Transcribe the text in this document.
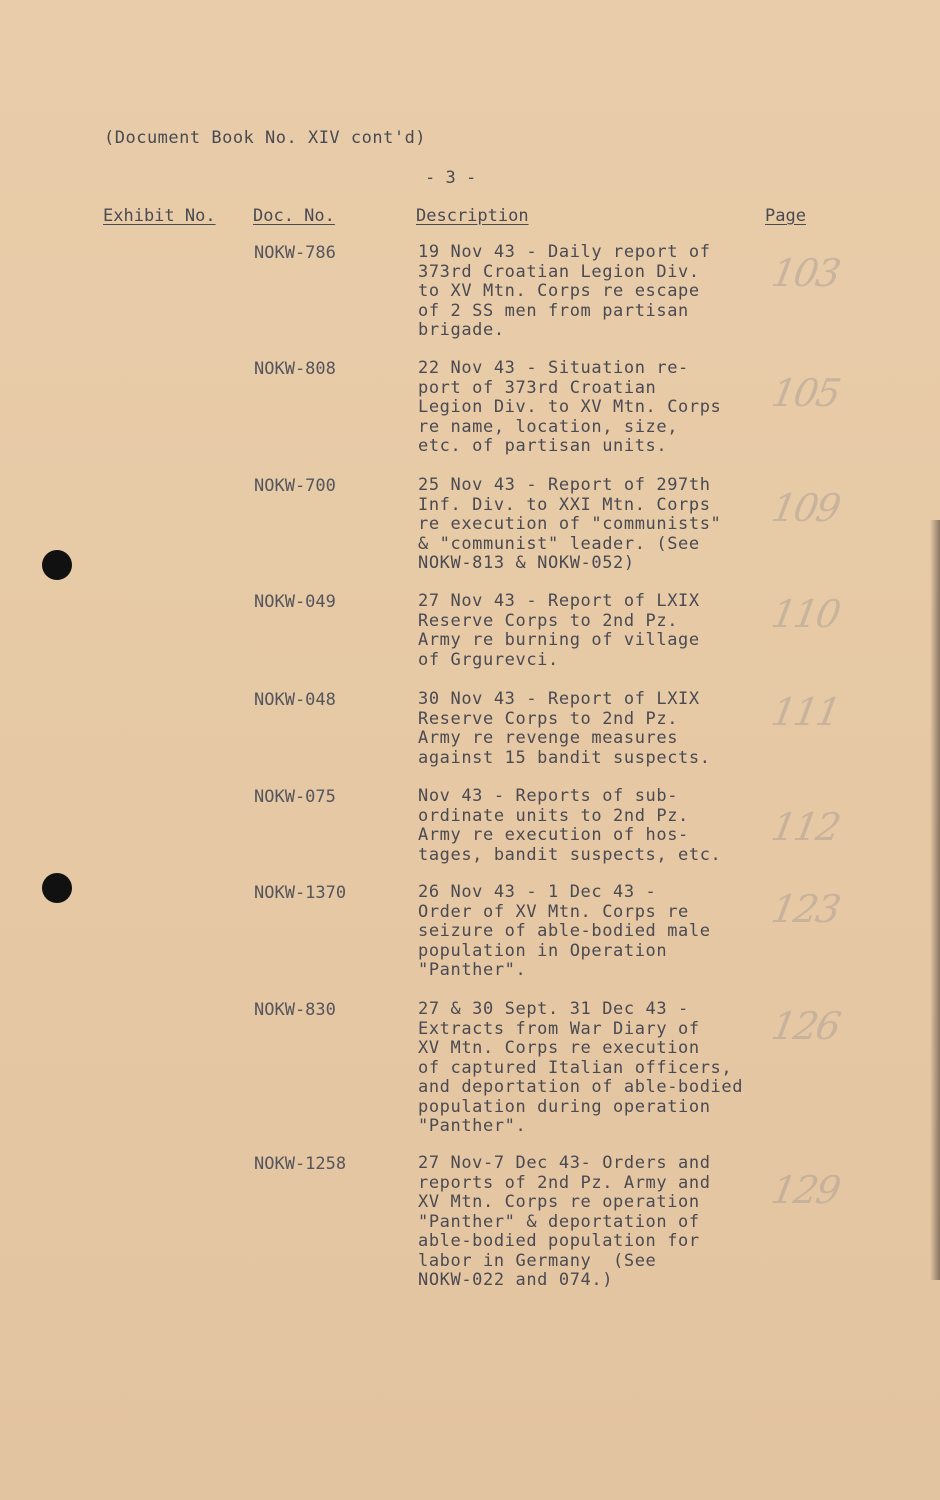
(Document Book No. XIV cont'd)
- 3 -
Exhibit No. Doc. No.	Description	Page
NOKW-786	19 Nov 43 - Daily report of
373rd Croatian Legion Div.
to XV Mtn. Corps re escape
of 2 SS men from partisan
brigade.
103
NOKW-808	22 Nov 43 - Situation re-
port of 373rd Croatian
Legion Div. to XV Mtn. Corps
re name, location, size,
etc. of partisan units.
105
NOKW-700	25 Nov 43 - Report of 297th
Inf. Div. to XXI Mtn. Corps
re execution of "communists"
& "communist" leader. (See
NOKW-813 & NOKW-052)
109
NOKW-049	27 Nov 43 - Report of LXIX
Reserve Corps to 2nd Pz.
Army re burning of village
of Grgurevci.
110
NOKW-048	30 Nov 43 - Report of LXIX
Reserve Corps to 2nd Pz.
Army re revenge measures
against 15 bandit suspects.
111
NOKW-075	Nov 43 - Reports of sub-
ordinate units to 2nd Pz.
Army re execution of hos-
tages, bandit suspects, etc.
112
NOKW-1370	26 Nov 43 - 1 Dec 43 -
Order of XV Mtn. Corps re
seizure of able-bodied male
population in Operation
"Panther".
123
NOKW-830	27 & 30 Sept. 31 Dec 43 -
Extracts from War Diary of
XV Mtn. Corps re execution
of captured Italian officers,
and deportation of able-bodied
population during operation
"Panther".
126
NOKW-1258	27 Nov-7 Dec 43- Orders and
reports of 2nd Pz. Army and
XV Mtn. Corps re operation
"Panther" & deportation of
able-bodied population for
labor in Germany  (See
NOKW-022 and 074.)
129
